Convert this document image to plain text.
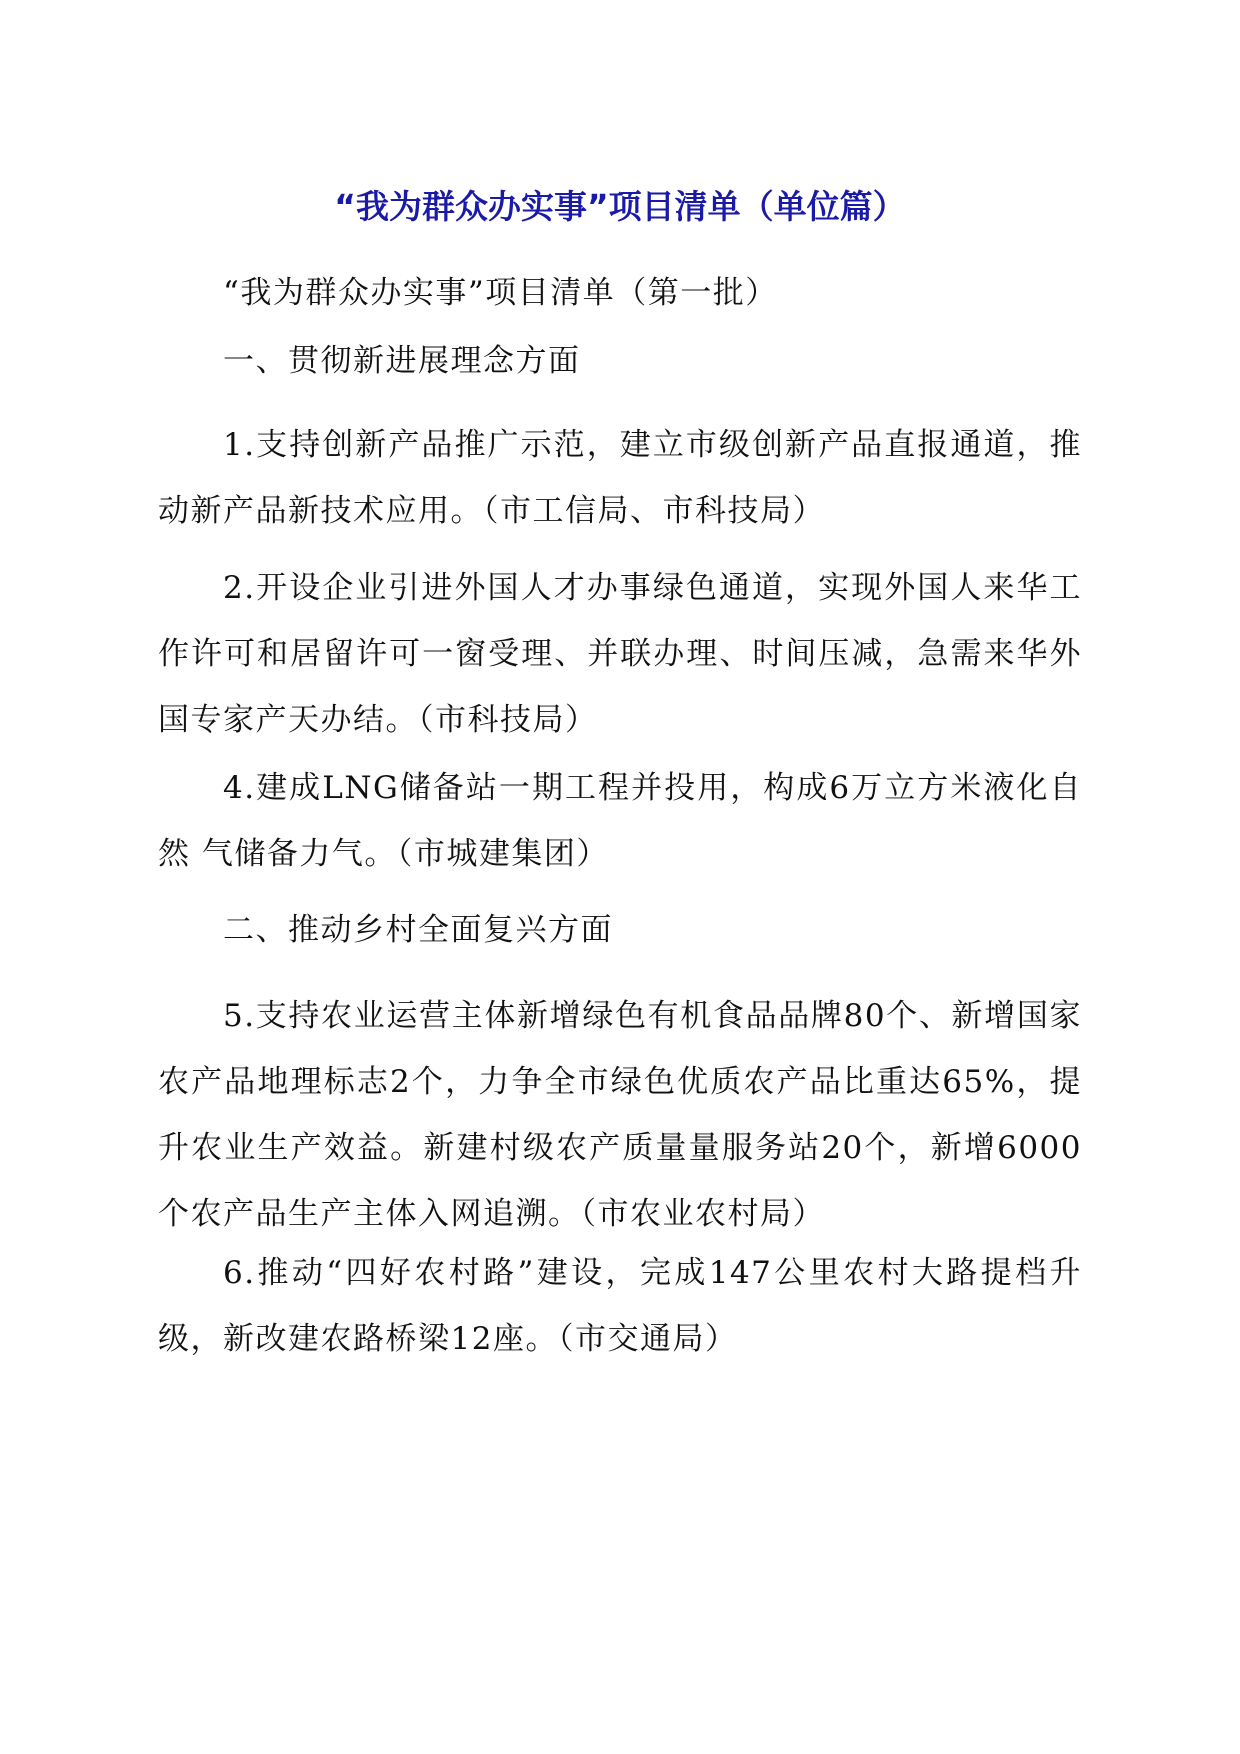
“我为群众办实事”项目清单（单位篇）

“我为群众办实事”项目清单（第一批）

一、贯彻新进展理念方面

1.支持创新产品推广示范，建立市级创新产品直报通道，推动新产品新技术应用。（市工信局、市科技局）

2.开设企业引进外国人才办事绿色通道，实现外国人来华工作许可和居留许可一窗受理、并联办理、时间压减，急需来华外国专家产天办结。（市科技局）

4.建成LNG储备站一期工程并投用，构成6万立方米液化自然 气储备力气。（市城建集团）

二、推动乡村全面复兴方面

5.支持农业运营主体新增绿色有机食品品牌80个、新增国家农产品地理标志2个，力争全市绿色优质农产品比重达65%，提升农业生产效益。新建村级农产质量量服务站20个，新增6000个农产品生产主体入网追溯。（市农业农村局）

6.推动“四好农村路”建设，完成147公里农村大路提档升级，新改建农路桥梁12座。（市交通局）
